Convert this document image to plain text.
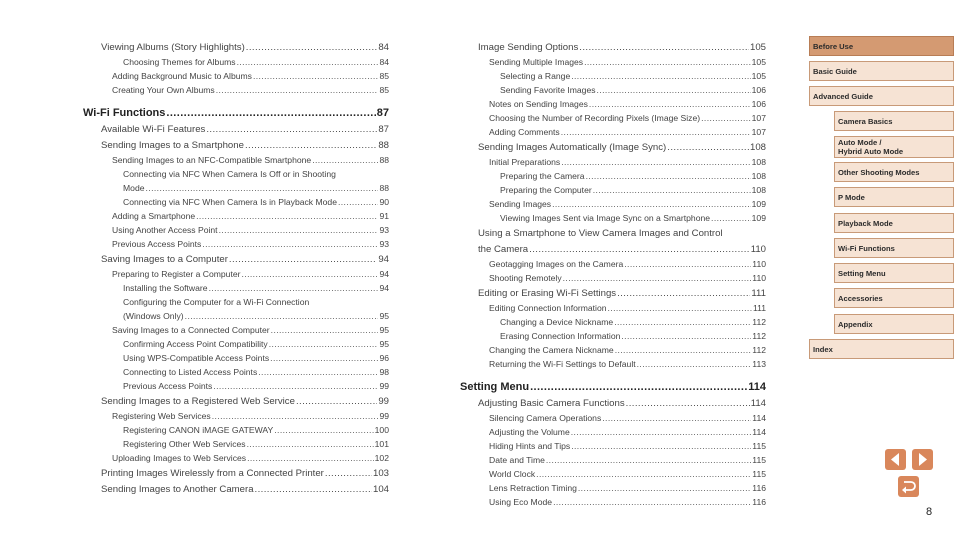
Viewing Albums (Story Highlights) .....	84
Choosing Themes for Albums .....	84
Adding Background Music to Albums .....	85
Creating Your Own Albums .....	85
Wi-Fi Functions .....	87
Available Wi-Fi Features .....	87
Sending Images to a Smartphone .....	88
Sending Images to an NFC-Compatible Smartphone .....	88
Connecting via NFC When Camera Is Off or in Shooting
Mode .....	88
Connecting via NFC When Camera Is in Playback Mode .....	90
Adding a Smartphone .....	91
Using Another Access Point .....	93
Previous Access Points .....	93
Saving Images to a Computer .....	94
Preparing to Register a Computer .....	94
Installing the Software .....	94
Configuring the Computer for a Wi-Fi Connection
(Windows Only) .....	95
Saving Images to a Connected Computer .....	95
Confirming Access Point Compatibility .....	95
Using WPS-Compatible Access Points .....	96
Connecting to Listed Access Points .....	98
Previous Access Points .....	99
Sending Images to a Registered Web Service .....	99
Registering Web Services .....	99
Registering CANON iMAGE GATEWAY .....	100
Registering Other Web Services .....	101
Uploading Images to Web Services .....	102
Printing Images Wirelessly from a Connected Printer .....	103
Sending Images to Another Camera .....	104
Image Sending Options .....	105
Sending Multiple Images .....	105
Selecting a Range .....	105
Sending Favorite Images .....	106
Notes on Sending Images .....	106
Choosing the Number of Recording Pixels (Image Size) .....	107
Adding Comments .....	107
Sending Images Automatically (Image Sync) .....	108
Initial Preparations .....	108
Preparing the Camera .....	108
Preparing the Computer .....	108
Sending Images .....	109
Viewing Images Sent via Image Sync on a Smartphone .....	109
Using a Smartphone to View Camera Images and Control
the Camera .....	110
Geotagging Images on the Camera .....	110
Shooting Remotely .....	110
Editing or Erasing Wi-Fi Settings .....	111
Editing Connection Information .....	111
Changing a Device Nickname .....	112
Erasing Connection Information .....	112
Changing the Camera Nickname .....	112
Returning the Wi-Fi Settings to Default .....	113
Setting Menu .....	114
Adjusting Basic Camera Functions .....	114
Silencing Camera Operations .....	114
Adjusting the Volume .....	114
Hiding Hints and Tips .....	115
Date and Time .....	115
World Clock .....	115
Lens Retraction Timing .....	116
Using Eco Mode .....	116
Before Use
Basic Guide
Advanced Guide
Camera Basics
Auto Mode /
Hybrid Auto Mode
Other Shooting Modes
P Mode
Playback Mode
Wi-Fi Functions
Setting Menu
Accessories
Appendix
Index
8
